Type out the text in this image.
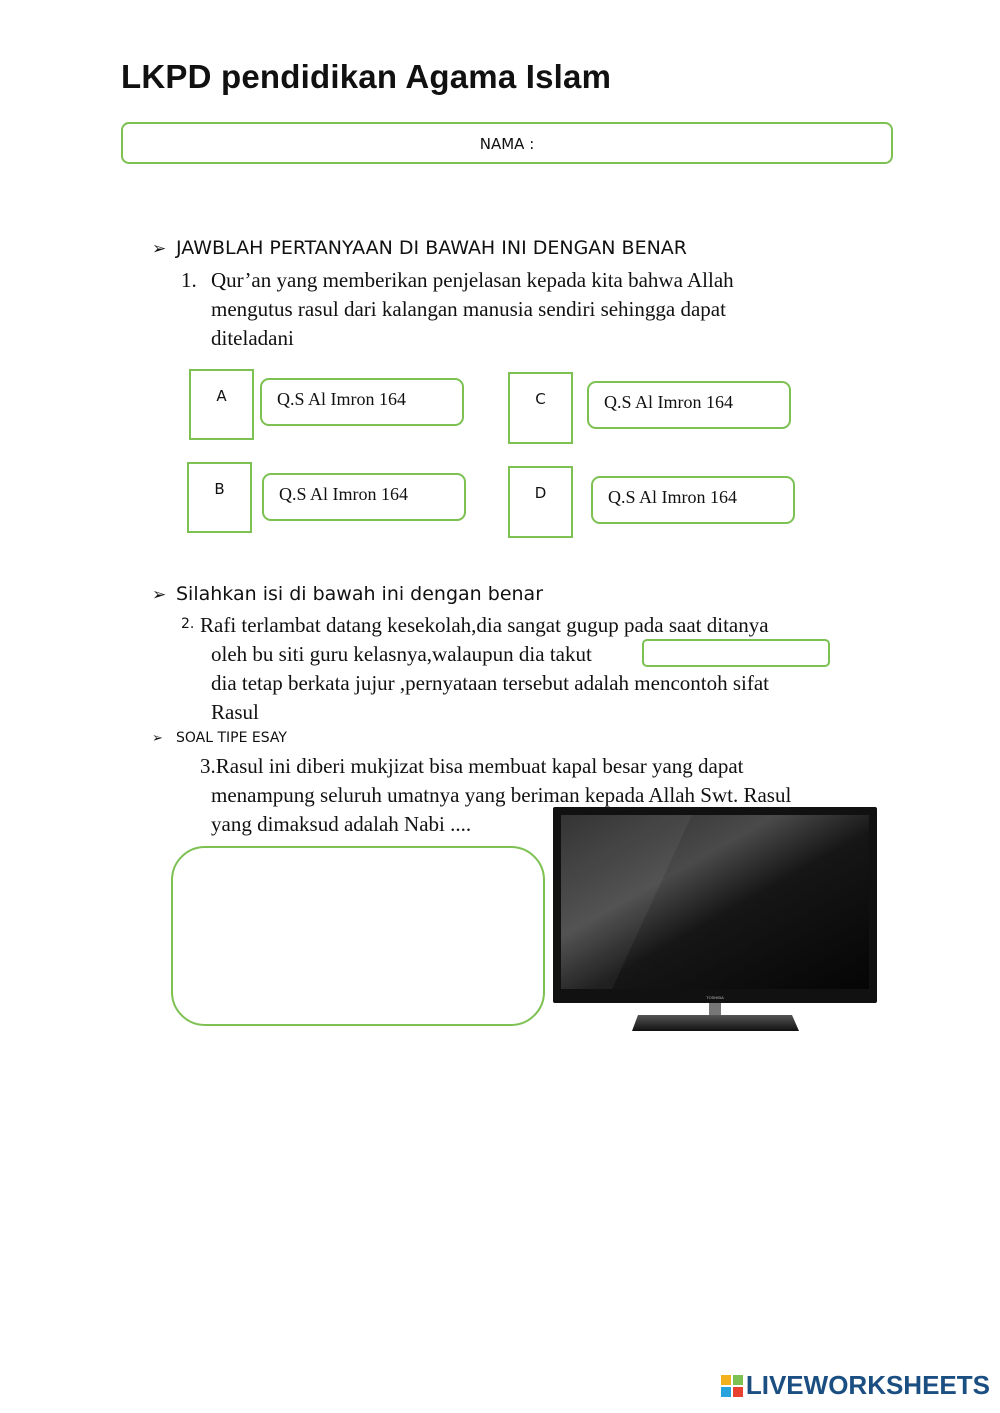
LKPD pendidikan Agama Islam
NAMA :
➢ JAWBLAH PERTANYAAN DI BAWAH INI DENGAN BENAR
1. Qur’an yang memberikan penjelasan kepada kita bahwa Allah
mengutus rasul dari kalangan manusia sendiri sehingga dapat
diteladani
A	Q.S Al Imron 164
B	Q.S Al Imron 164
C	Q.S Al Imron 164
D	Q.S Al Imron 164
➢ Silahkan isi di bawah ini dengan benar
2. Rafi terlambat datang kesekolah,dia sangat gugup pada saat ditanya
oleh bu siti guru kelasnya,walaupun dia takut
dia tetap berkata jujur ,pernyataan tersebut adalah mencontoh sifat
Rasul
➢ SOAL TIPE ESAY
3.Rasul ini diberi mukjizat bisa membuat kapal besar yang dapat
menampung seluruh umatnya yang beriman kepada Allah Swt. Rasul
yang dimaksud adalah Nabi ....
TOSHIBA
LIVEWORKSHEETS
